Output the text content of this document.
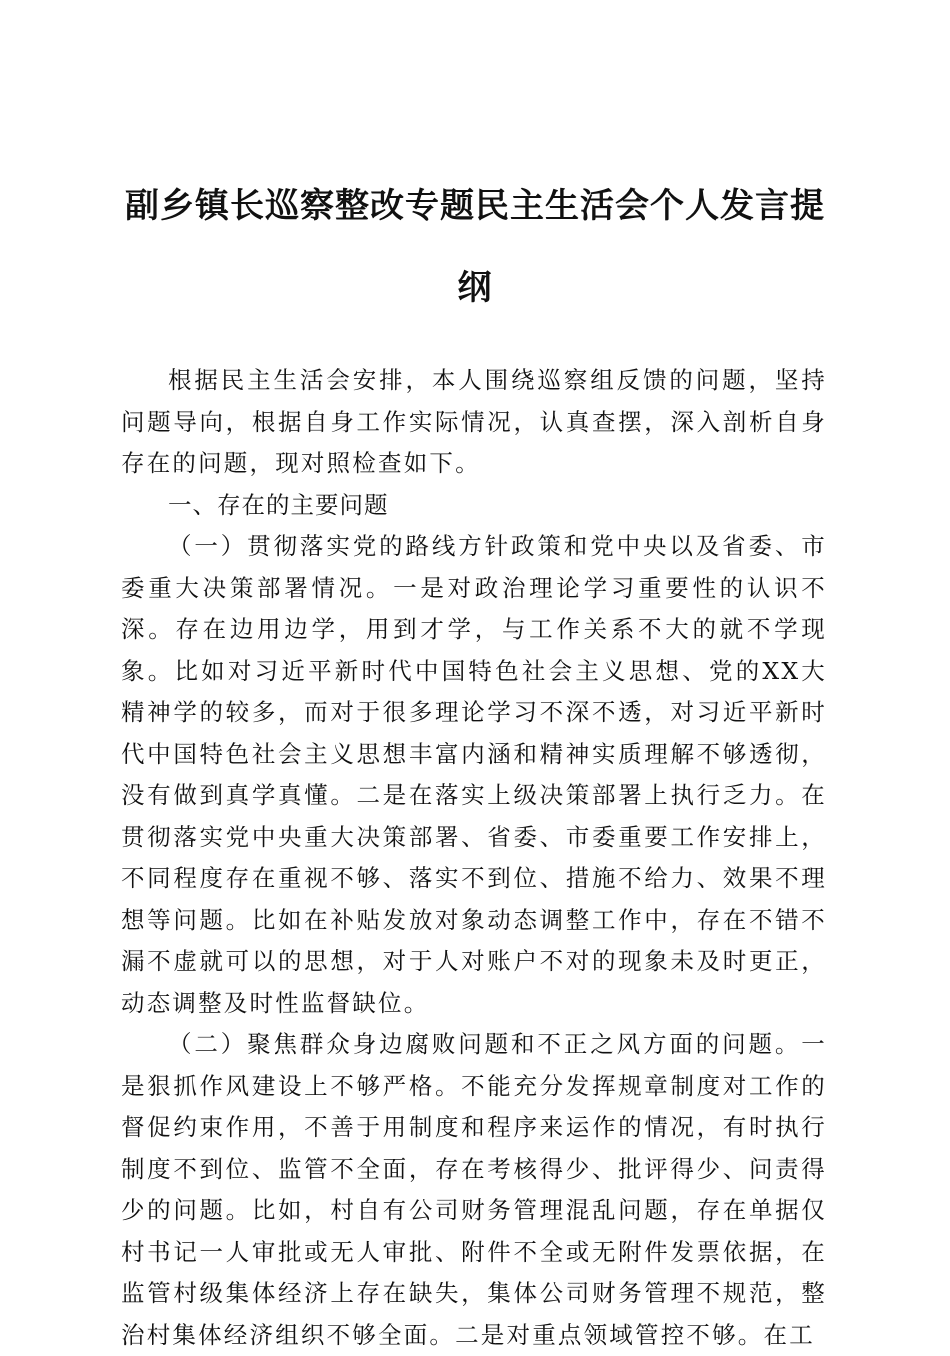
副乡镇长巡察整改专题民主生活会个人发言提纲

根据民主生活会安排，本人围绕巡察组反馈的问题，坚持问题导向，根据自身工作实际情况，认真查摆，深入剖析自身存在的问题，现对照检查如下。

一、存在的主要问题

（一）贯彻落实党的路线方针政策和党中央以及省委、市委重大决策部署情况。一是对政治理论学习重要性的认识不深。存在边用边学，用到才学，与工作关系不大的就不学现象。比如对习近平新时代中国特色社会主义思想、党的XX大精神学的较多，而对于很多理论学习不深不透，对习近平新时代中国特色社会主义思想丰富内涵和精神实质理解不够透彻，没有做到真学真懂。二是在落实上级决策部署上执行乏力。在贯彻落实党中央重大决策部署、省委、市委重要工作安排上，不同程度存在重视不够、落实不到位、措施不给力、效果不理想等问题。比如在补贴发放对象动态调整工作中，存在不错不漏不虚就可以的思想，对于人对账户不对的现象未及时更正，动态调整及时性监督缺位。

（二）聚焦群众身边腐败问题和不正之风方面的问题。一是狠抓作风建设上不够严格。不能充分发挥规章制度对工作的督促约束作用，不善于用制度和程序来运作的情况，有时执行制度不到位、监管不全面，存在考核得少、批评得少、问责得少的问题。比如，村自有公司财务管理混乱问题，存在单据仅村书记一人审批或无人审批、附件不全或无附件发票依据，在监管村级集体经济上存在缺失，集体公司财务管理不规范，整治村集体经济组织不够全面。二是对重点领域管控不够。在工
